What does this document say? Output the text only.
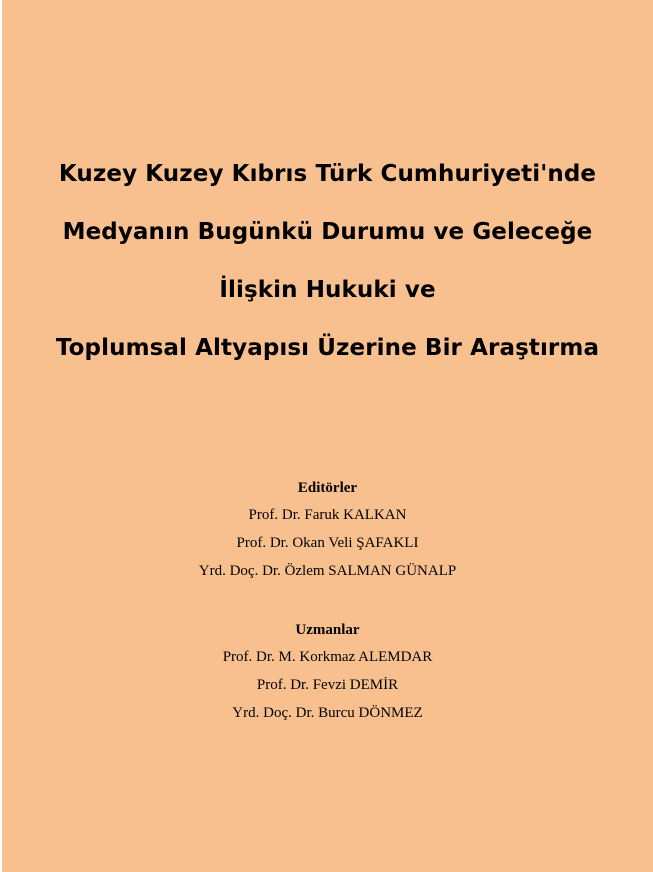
Kuzey Kuzey Kıbrıs Türk Cumhuriyeti'nde
Medyanın Bugünkü Durumu ve Geleceğe
İlişkin Hukuki ve
Toplumsal Altyapısı Üzerine Bir Araştırma
Editörler
Prof. Dr. Faruk KALKAN
Prof. Dr. Okan Veli ŞAFAKLI
Yrd. Doç. Dr. Özlem SALMAN GÜNALP
Uzmanlar
Prof. Dr. M. Korkmaz ALEMDAR
Prof. Dr. Fevzi DEMİR
Yrd. Doç. Dr. Burcu DÖNMEZ
